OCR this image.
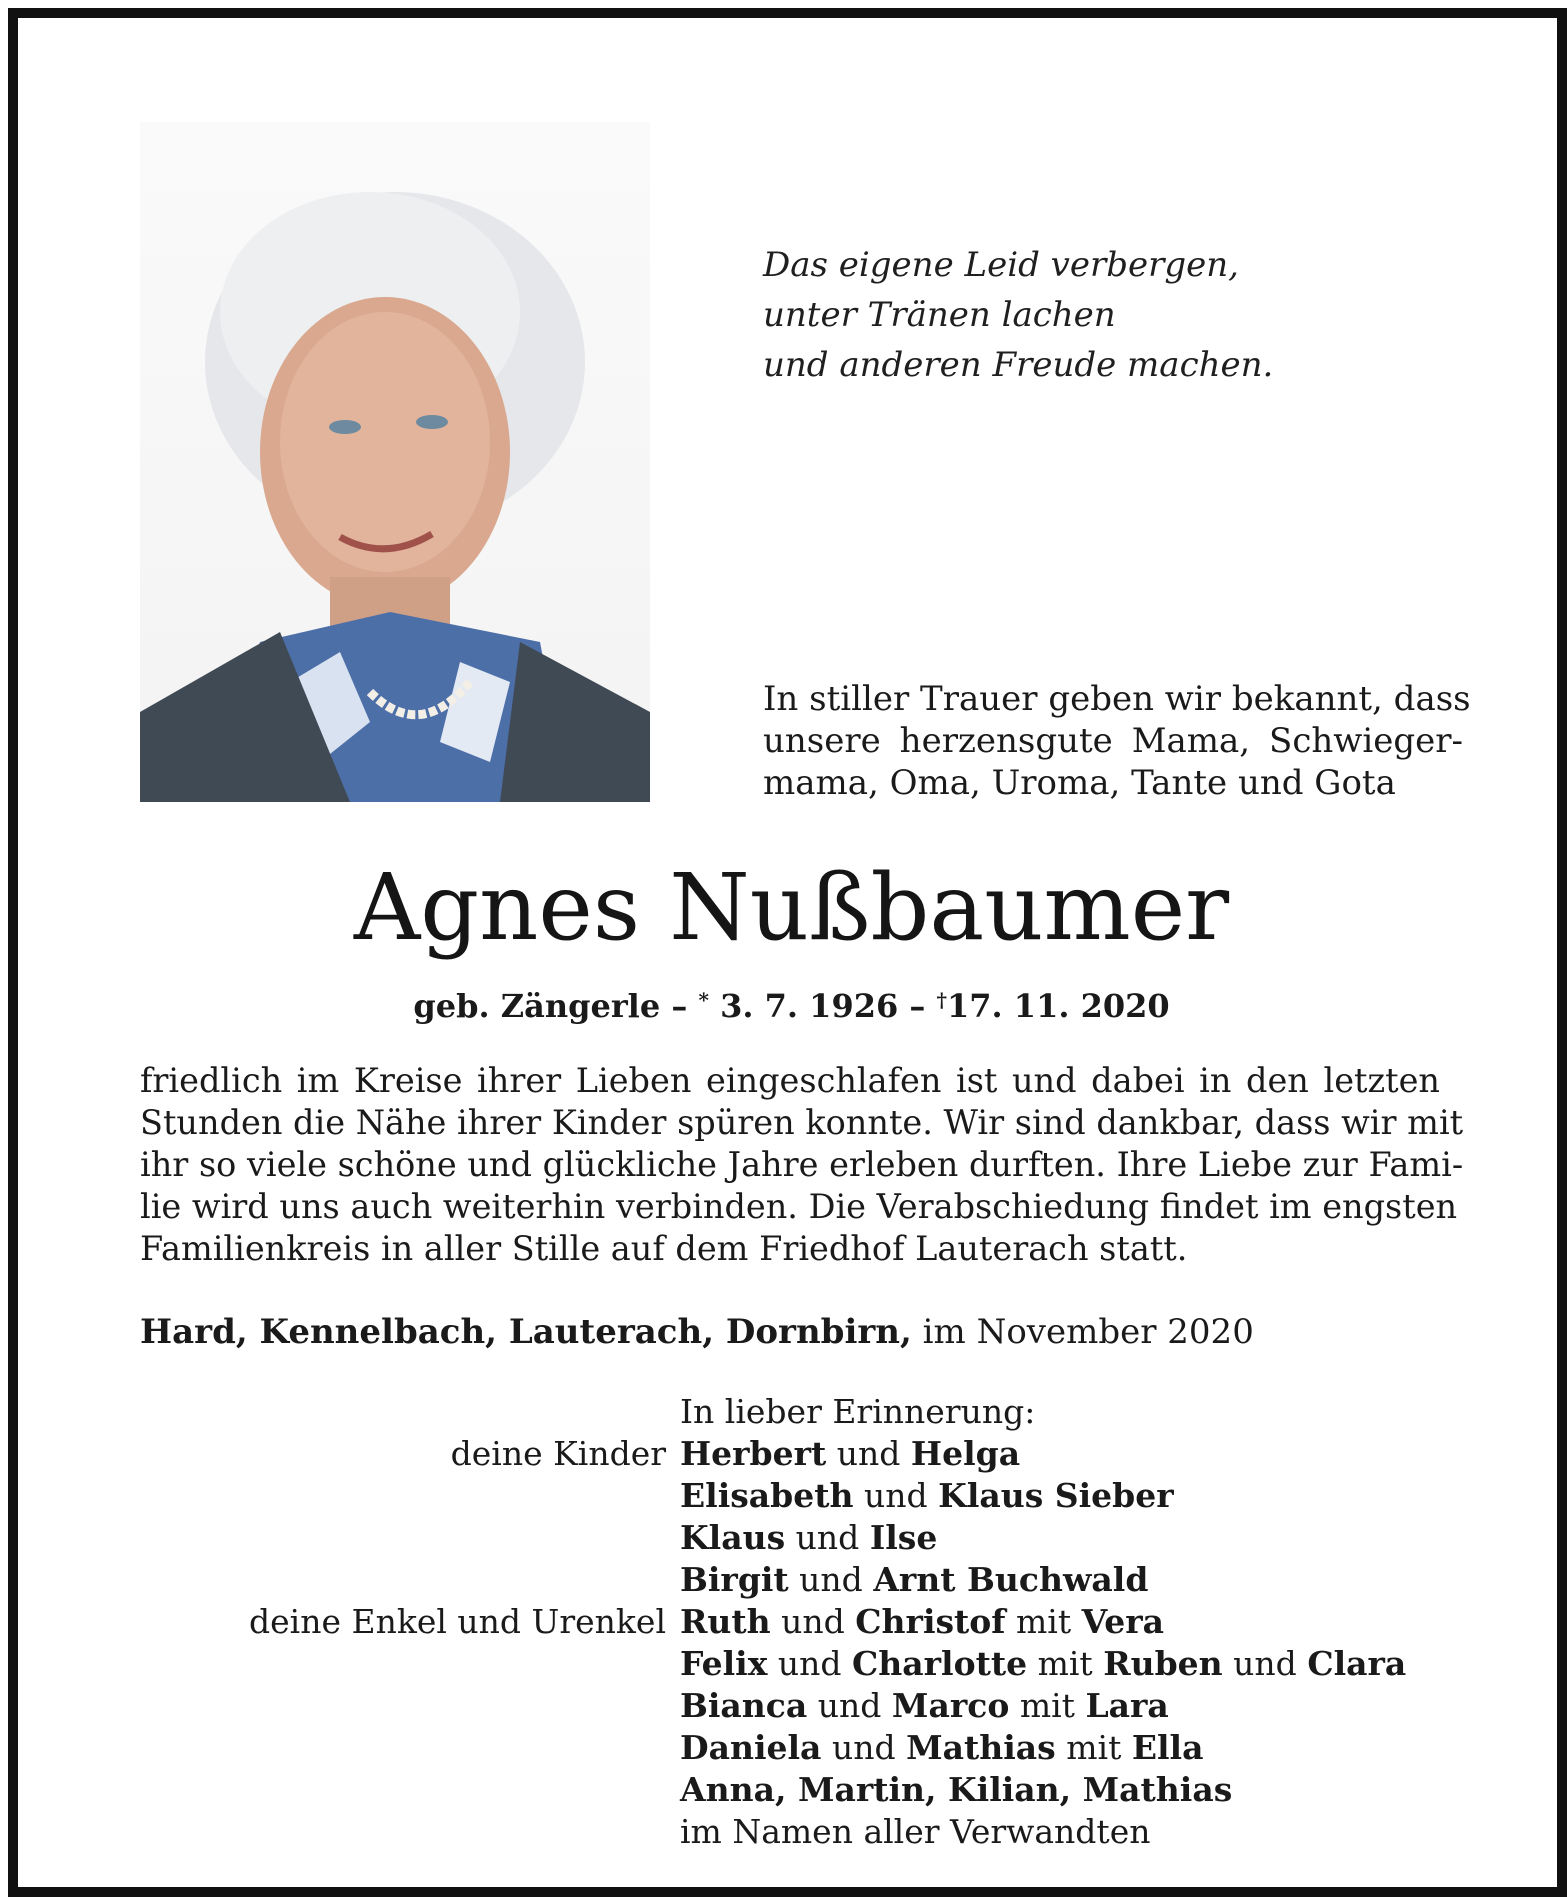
Das eigene Leid verbergen,
unter Tränen lachen
und anderen Freude machen.
In stiller Trauer geben wir bekannt, dass
unsere herzensgute Mama, Schwieger-
mama, Oma, Uroma, Tante und Gota
Agnes Nußbaumer
geb. Zängerle – * 3. 7. 1926 – †17. 11. 2020
friedlich im Kreise ihrer Lieben eingeschlafen ist und dabei in den letzten
Stunden die Nähe ihrer Kinder spüren konnte. Wir sind dankbar, dass wir mit
ihr so viele schöne und glückliche Jahre erleben durften. Ihre Liebe zur Fami-
lie wird uns auch weiterhin verbinden. Die Verabschiedung findet im engsten
Familienkreis in aller Stille auf dem Friedhof Lauterach statt.
Hard, Kennelbach, Lauterach, Dornbirn, im November 2020
In lieber Erinnerung:
deine Kinder Herbert und Helga
Elisabeth und Klaus Sieber
Klaus und Ilse
Birgit und Arnt Buchwald
deine Enkel und Urenkel Ruth und Christof mit Vera
Felix und Charlotte mit Ruben und Clara
Bianca und Marco mit Lara
Daniela und Mathias mit Ella
Anna, Martin, Kilian, Mathias
im Namen aller Verwandten
